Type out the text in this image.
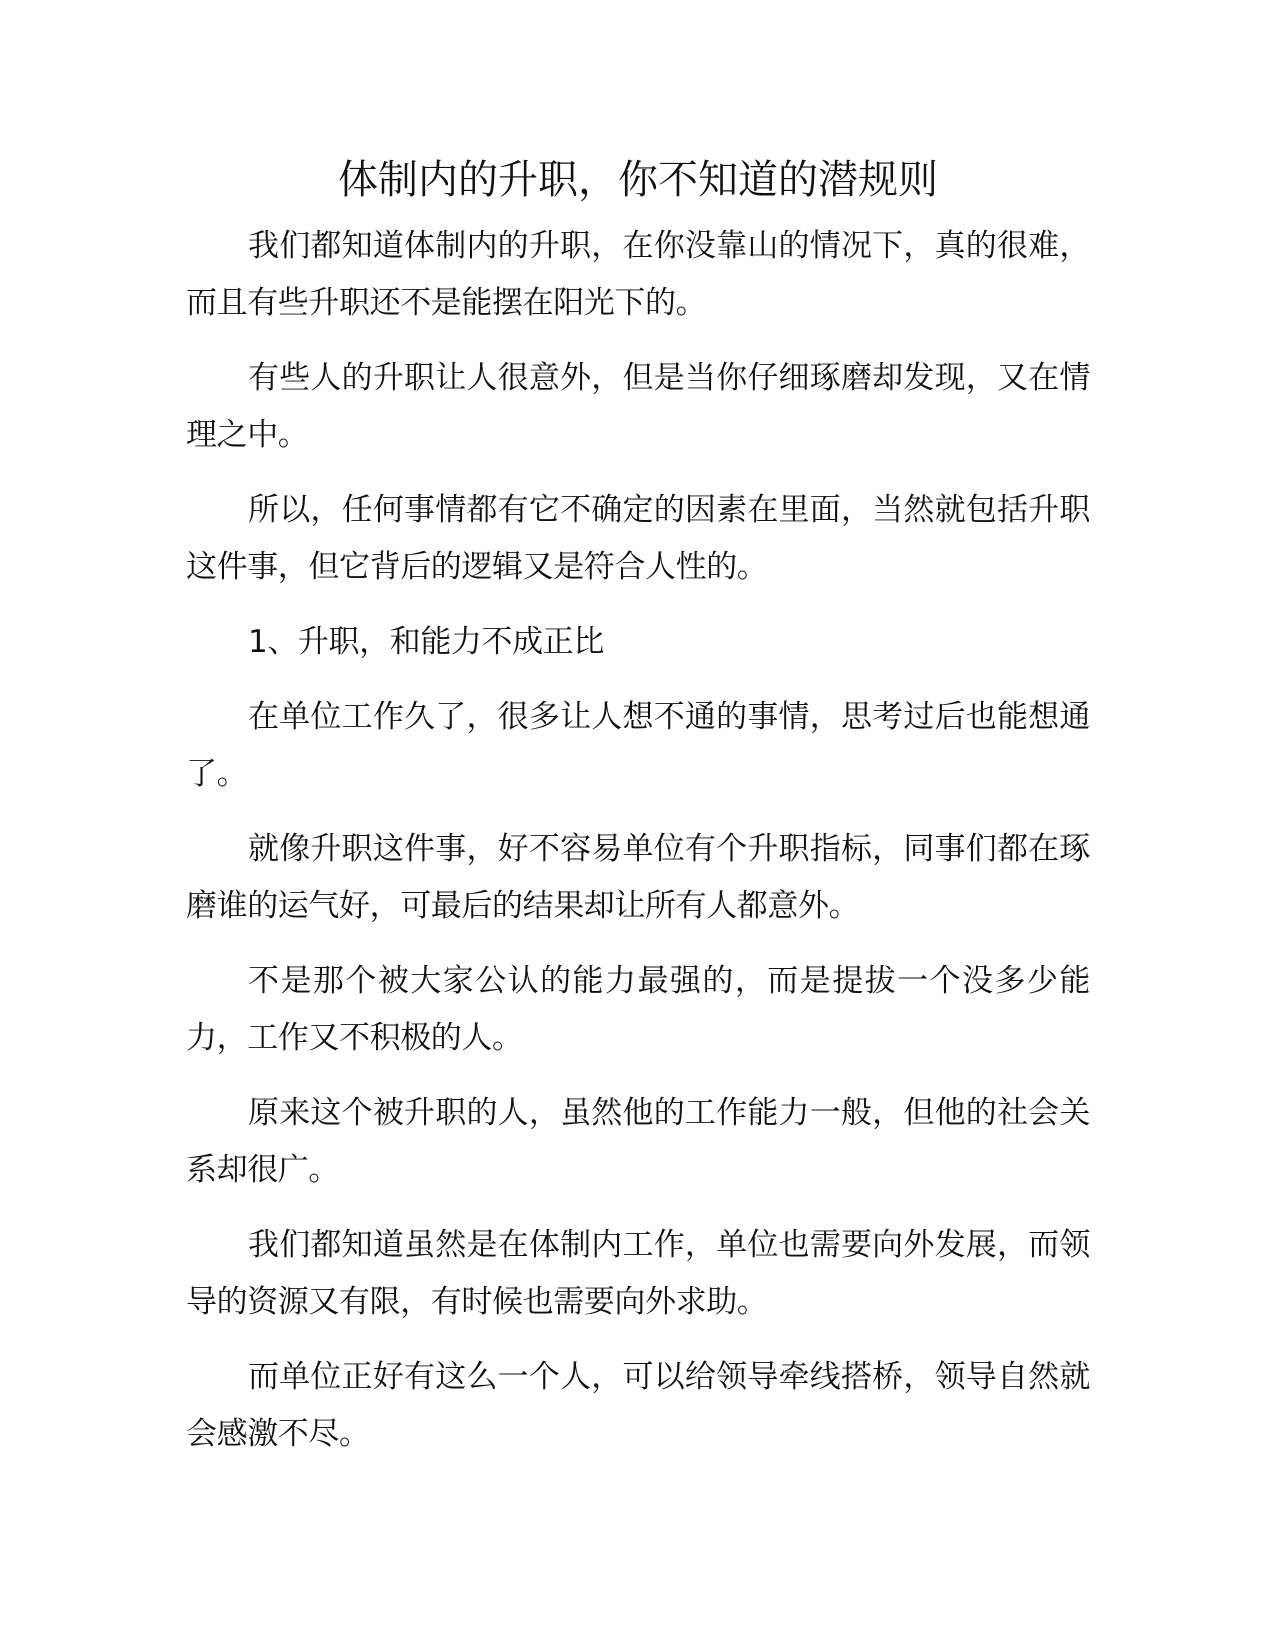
体制内的升职，你不知道的潜规则

我们都知道体制内的升职，在你没靠山的情况下，真的很难，而且有些升职还不是能摆在阳光下的。

有些人的升职让人很意外，但是当你仔细琢磨却发现，又在情理之中。

所以，任何事情都有它不确定的因素在里面，当然就包括升职这件事，但它背后的逻辑又是符合人性的。

1、升职，和能力不成正比

在单位工作久了，很多让人想不通的事情，思考过后也能想通了。

就像升职这件事，好不容易单位有个升职指标，同事们都在琢磨谁的运气好，可最后的结果却让所有人都意外。

不是那个被大家公认的能力最强的，而是提拔一个没多少能力，工作又不积极的人。

原来这个被升职的人，虽然他的工作能力一般，但他的社会关系却很广。

我们都知道虽然是在体制内工作，单位也需要向外发展，而领导的资源又有限，有时候也需要向外求助。

而单位正好有这么一个人，可以给领导牵线搭桥，领导自然就会感激不尽。
